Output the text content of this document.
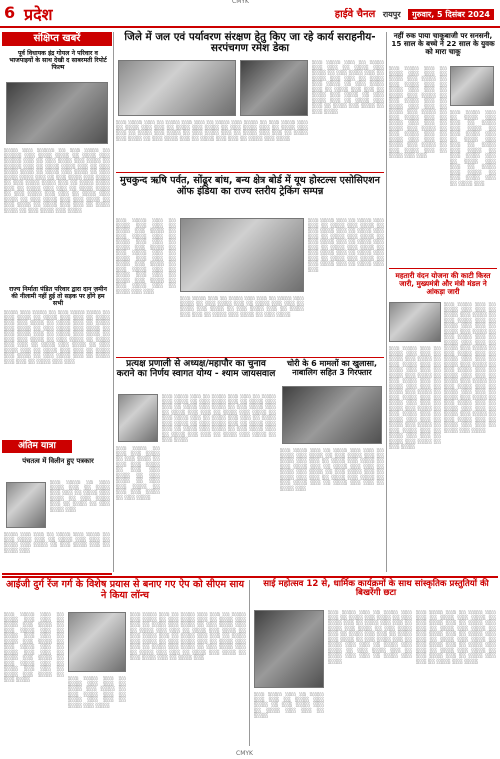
CMYK
6 प्रदेश	हाईवे चैनल रायपुर गुरुवार, 5 दिसंबर 2024
संक्षिप्त खबरें
पूर्व विधायक इंद्र गोयल ने परिवार व भाजपाइयों के साथ देखी द साबरमती रिपोर्ट फिल्म
░░░░ ░░░ ░░░░░ ░░ ░░░ ░░░░ ░░ ░░░░░ ░░░ ░░░░ ░░░░ ░░ ░░░░ ░░░ ░░░░░ ░░░ ░░ ░░░ ░░░░ ░░░ ░░░░ ░░ ░░░░░ ░░░ ░░ ░░░░ ░░░░ ░░░ ░░ ░░░ ░░░░ ░░░░ ░░ ░░░░ ░░░ ░░░░ ░░ ░░░ ░░░░ ░░░░ ░░░ ░░ ░░░ ░░░░ ░░░ ░░░░ ░░ ░░░ ░░░░ ░░░░ ░░░ ░░ ░░░░ ░░░░ ░░░ ░░ ░░░░ ░░░ ░░░ ░░ ░░░░ ░░░░ ░░ ░░░ ░░░░ ░░░ ░░░ ░░ ░░░░ ░░░ ░░░░ ░░ ░░░ ░░░░ ░░░ ░░░ ░░░░ ░░ ░░░ ░░░░ ░░ ░░░░ ░░░ ░░░ ░░ ░░░░ ░░░░ ░░ ░░░ ░░░░ ░░░ ░░░░
राज्य निर्माता पंडित परिवार द्वारा दान ज़मीन की नीलामी नहीं हुई तो सड़क पर होंगे हम सभी
░░░░ ░░░ ░░░░ ░░ ░░░ ░░░░ ░░░░ ░░ ░░░ ░░░░ ░░ ░░░░ ░░░ ░░░ ░░ ░░░░ ░░░ ░░░ ░░░░ ░░ ░░░░ ░░░ ░░ ░░░░ ░░░ ░░░░ ░░ ░░░ ░░░░ ░░░ ░░░░ ░░ ░░░ ░░░░ ░░░ ░░ ░░░░ ░░░ ░░░░ ░░ ░░░ ░░░ ░░░░ ░░ ░░░ ░░░░ ░░ ░░░░ ░░░ ░░░ ░░ ░░░░ ░░░ ░░░░ ░░ ░░░ ░░░░ ░░░ ░░ ░░░░ ░░░ ░░░ ░░ ░░░░ ░░░ ░░░░ ░░ ░░░ ░░░░ ░░░ ░░ ░░░░ ░░░ ░░░ ░░ ░░░░ ░░░ ░░░
अंतिम यात्रा
पंचतत्व में विलीन हुए पत्रकार
░░░ ░░░░ ░░ ░░░ ░░░░ ░░░ ░░ ░░░░ ░░░ ░░░ ░░ ░░░░ ░░░ ░░░░ ░░ ░░░ ░░░░ ░░░ ░░ ░░░░ ░░ ░░░ ░░░░ ░░░
░░░░ ░░░ ░░░ ░░ ░░░░ ░░░ ░░░░ ░░ ░░░ ░░░░ ░░░ ░░ ░░░░ ░░░ ░░░ ░░ ░░░░ ░░░ ░░░░ ░░ ░░░ ░░░░ ░░░ ░░ ░░░░ ░░░
जिले में जल एवं पर्यावरण संरक्षण हेतु किए जा रहे कार्य सराहनीय-सरपंचगण रमेश डेका
░░░ ░░░░ ░░░ ░░ ░░░░ ░░░ ░░░ ░░ ░░░░ ░░░ ░░░░ ░░ ░░░ ░░░░ ░░░ ░░ ░░░░ ░░░ ░░░ ░░ ░░░░ ░░░ ░░░░ ░░ ░░░ ░░░░ ░░░ ░░ ░░░░ ░░░ ░░░ ░░ ░░░░ ░░░ ░░░░ ░░ ░░░ ░░░░ ░░░ ░░ ░░░░ ░░░ ░░░ ░░ ░░░░ ░░░ ░░░░ ░░ ░░░ ░░░░
░░░ ░░░░ ░░░ ░░ ░░░░ ░░░ ░░░ ░░ ░░░░ ░░░ ░░░░ ░░ ░░░ ░░░░ ░░░ ░░ ░░░░ ░░░ ░░░ ░░ ░░░░ ░░░ ░░░░ ░░ ░░░ ░░░░ ░░░ ░░ ░░░░ ░░░ ░░░ ░░ ░░░░ ░░░ ░░░░ ░░ ░░░ ░░░░ ░░░ ░░ ░░░░ ░░░ ░░░ ░░ ░░░░ ░░░ ░░░░ ░░ ░░░ ░░░░ ░░░ ░░ ░░░░ ░░░ ░░░ ░░ ░░░░ ░░░ ░░░░
मुचकुन्द ऋषि पर्वत, सोंढूर बांध, बन्य क्षेत्र बोर्ड में यूथ होस्टल्स एसोसिएशन ऑफ इंडिया का राज्य स्तरीय ट्रेकिंग सम्पन्न
░░░ ░░░░ ░░░ ░░ ░░░░ ░░░ ░░░ ░░ ░░░░ ░░░ ░░░░ ░░ ░░░ ░░░░ ░░░ ░░ ░░░░ ░░░ ░░░ ░░ ░░░░ ░░░ ░░░░ ░░ ░░░ ░░░░ ░░░ ░░ ░░░░ ░░░ ░░░ ░░ ░░░░ ░░░ ░░░░ ░░ ░░░ ░░░░ ░░░ ░░ ░░░░ ░░░ ░░░ ░░ ░░░░ ░░░ ░░░░ ░░ ░░░ ░░░░ ░░░ ░░ ░░░░ ░░░ ░░░
░░░ ░░░░ ░░░ ░░ ░░░░ ░░░ ░░░ ░░ ░░░░ ░░░ ░░░░ ░░ ░░░ ░░░░ ░░░ ░░ ░░░░ ░░░ ░░░ ░░ ░░░░ ░░░ ░░░░ ░░ ░░░ ░░░░ ░░░ ░░ ░░░░ ░░░ ░░░ ░░ ░░░░ ░░░ ░░░░ ░░ ░░░ ░░░░
░░░ ░░░░ ░░░ ░░ ░░░░ ░░░ ░░░ ░░ ░░░░ ░░░ ░░░░ ░░ ░░░ ░░░░ ░░░ ░░ ░░░░ ░░░ ░░░ ░░ ░░░░ ░░░ ░░░░ ░░ ░░░ ░░░░ ░░░ ░░ ░░░░ ░░░ ░░░ ░░ ░░░░ ░░░ ░░░░ ░░ ░░░ ░░░░ ░░░ ░░ ░░░░ ░░░ ░░░ ░░ ░░░░ ░░░ ░░░░ ░░ ░░░ ░░░░ ░░░ ░░ ░░░░ ░░░ ░░░
प्रत्यक्ष प्रणाली से अध्यक्ष/महापौर का चुनाव कराने का निर्णय स्वागत योग्य - श्याम जायसवाल
░░░ ░░░░ ░░░ ░░ ░░░░ ░░░ ░░░ ░░ ░░░░ ░░░ ░░░░ ░░ ░░░ ░░░░ ░░░ ░░ ░░░░ ░░░ ░░░ ░░ ░░░░ ░░░ ░░░░ ░░ ░░░ ░░░░ ░░░ ░░ ░░░░ ░░░ ░░░ ░░ ░░░░ ░░░ ░░░░ ░░ ░░░ ░░░░ ░░░ ░░ ░░░░ ░░░ ░░░ ░░ ░░░░ ░░░ ░░░░ ░░ ░░░ ░░░░ ░░░ ░░ ░░░░ ░░░ ░░░ ░░ ░░░░ ░░░ ░░░░ ░░ ░░░ ░░░░ ░░░ ░░ ░░░░ ░░░ ░░░ ░░ ░░░░ ░░░ ░░░░ ░░ ░░░ ░░░░
░░░ ░░░░ ░░ ░░░ ░░░ ░░░░ ░░ ░░░ ░░░░ ░░ ░░░ ░░░ ░░░░ ░░ ░░░ ░░░ ░░░░ ░░ ░░░ ░░░░ ░░ ░░░ ░░░ ░░░░ ░░ ░░░ ░░░ ░░░░ ░░ ░░░ ░░░░
चोरी के 6 मामलों का खुलासा, नाबालिग सहित 3 गिरफ्तार
░░░ ░░░░ ░░░ ░░ ░░░░ ░░░ ░░░ ░░ ░░░░ ░░░ ░░░░ ░░ ░░░ ░░░░ ░░░ ░░ ░░░░ ░░░ ░░░ ░░ ░░░░ ░░░ ░░░░ ░░ ░░░ ░░░░ ░░░ ░░ ░░░░ ░░░ ░░░ ░░ ░░░░ ░░░ ░░░░ ░░ ░░░ ░░░░ ░░░ ░░ ░░░░ ░░░ ░░░ ░░ ░░░░ ░░░ ░░░░ ░░ ░░░ ░░░░ ░░░ ░░ ░░░░ ░░░ ░░░ ░░ ░░░░ ░░░
नहीं रुक पाया चाकूबाजी पर सनसनी, 15 साल के बच्चे ने 22 साल के युवक को मारा चाकू
░░░ ░░░░ ░░░ ░░ ░░░░ ░░░ ░░░ ░░ ░░░░ ░░░ ░░░░ ░░ ░░░ ░░░░ ░░░ ░░ ░░░░ ░░░ ░░░ ░░ ░░░░ ░░░ ░░░░ ░░ ░░░ ░░░░ ░░░ ░░ ░░░░ ░░░ ░░░ ░░ ░░░░ ░░░ ░░░░ ░░ ░░░ ░░░░ ░░░ ░░ ░░░░ ░░░ ░░░ ░░ ░░░░ ░░░ ░░░░ ░░ ░░░ ░░░░ ░░░ ░░ ░░░░ ░░░ ░░░ ░░ ░░░░ ░░░ ░░░░ ░░ ░░░ ░░░░ ░░░ ░░ ░░░░ ░░░ ░░░
░░░ ░░░░ ░░░ ░░ ░░░░ ░░░ ░░░ ░░ ░░░░ ░░░ ░░░░ ░░ ░░░ ░░░░ ░░░ ░░ ░░░░ ░░░ ░░░ ░░ ░░░░ ░░░ ░░░░ ░░ ░░░ ░░░░ ░░░ ░░ ░░░░ ░░░ ░░░ ░░ ░░░░ ░░░ ░░░░ ░░ ░░░ ░░░░ ░░░ ░░ ░░░░ ░░░
महतारी वंदन योजना की काटी किस्त जारी, मुख्यमंत्री और मंत्री मंडल ने आंकड़ा जारी
░░░ ░░░░ ░░░ ░░ ░░░░ ░░░ ░░░ ░░ ░░░░ ░░░ ░░░░ ░░ ░░░ ░░░░ ░░░ ░░ ░░░░ ░░░ ░░░ ░░ ░░░░ ░░░ ░░░░ ░░ ░░░ ░░░░ ░░░ ░░ ░░░░ ░░░ ░░░ ░░ ░░░░ ░░░ ░░░░ ░░ ░░░ ░░░░ ░░░ ░░ ░░░░ ░░░ ░░░ ░░ ░░░░ ░░░ ░░░░ ░░ ░░░ ░░░░ ░░░ ░░ ░░░░ ░░░ ░░░ ░░ ░░░░ ░░░ ░░░░ ░░ ░░░ ░░░░ ░░░ ░░ ░░░░ ░░░ ░░░ ░░ ░░░░ ░░░ ░░░░ ░░ ░░░ ░░░░ ░░░ ░░ ░░░░ ░░░ ░░░ ░░ ░░░░ ░░░ ░░░░ ░░ ░░░ ░░░░ ░░░ ░░ ░░░░ ░░░ ░░░ ░░ ░░░░ ░░░ ░░░░
░░░ ░░░░ ░░░ ░░ ░░░░ ░░░ ░░░ ░░ ░░░░ ░░░ ░░░░ ░░ ░░░ ░░░░ ░░░ ░░ ░░░░ ░░░ ░░░ ░░ ░░░░ ░░░ ░░░░ ░░ ░░░ ░░░░ ░░░ ░░ ░░░░ ░░░ ░░░ ░░ ░░░░ ░░░ ░░░░ ░░ ░░░ ░░░░ ░░░ ░░ ░░░░ ░░░ ░░░ ░░ ░░░░ ░░░ ░░░░ ░░ ░░░ ░░░░ ░░░ ░░ ░░░░ ░░░ ░░░ ░░ ░░░░ ░░░ ░░░░ ░░ ░░░ ░░░░ ░░░ ░░ ░░░░ ░░░ ░░░ ░░ ░░░░ ░░░ ░░░░ ░░ ░░░ ░░░░
आईजी दुर्ग रेंज गर्ग के विशेष प्रयास से बनाए गए ऐप को सीएम साय ने किया लॉन्च
░░░ ░░░░ ░░░ ░░ ░░░░ ░░░ ░░░ ░░ ░░░░ ░░░ ░░░░ ░░ ░░░ ░░░░ ░░░ ░░ ░░░░ ░░░ ░░░ ░░ ░░░░ ░░░ ░░░░ ░░ ░░░ ░░░░ ░░░ ░░ ░░░░ ░░░ ░░░ ░░ ░░░░ ░░░ ░░░░ ░░ ░░░ ░░░░ ░░░ ░░ ░░░░ ░░░ ░░░ ░░ ░░░░ ░░░ ░░░░ ░░ ░░░ ░░░░	░░░ ░░░░ ░░░ ░░ ░░░░ ░░░ ░░░ ░░ ░░░░ ░░░ ░░░░ ░░ ░░░ ░░░░ ░░░ ░░ ░░░░ ░░░ ░░░ ░░ ░░░░ ░░░ ░░░░
░░░ ░░░░ ░░░ ░░ ░░░░ ░░░ ░░░ ░░ ░░░░ ░░░ ░░░░ ░░ ░░░ ░░░░ ░░░ ░░ ░░░░ ░░░ ░░░ ░░ ░░░░ ░░░ ░░░░ ░░ ░░░ ░░░░ ░░░ ░░ ░░░░ ░░░ ░░░ ░░ ░░░░ ░░░ ░░░░ ░░ ░░░ ░░░░ ░░░ ░░ ░░░░ ░░░ ░░░ ░░ ░░░░ ░░░ ░░░░ ░░ ░░░ ░░░░ ░░░ ░░ ░░░░ ░░░ ░░░ ░░ ░░░░ ░░░ ░░░░ ░░ ░░░ ░░░░ ░░░ ░░ ░░░░ ░░░ ░░░ ░░ ░░░░ ░░░ ░░░░ ░░ ░░░ ░░░░ ░░░ ░░ ░░░░ ░░░
साई महोत्सव 12 से, धार्मिक कार्यक्रमों के साथ सांस्कृतिक प्रस्तुतियों की बिखरेंगी छटा
░░░ ░░░░ ░░░ ░░ ░░░░ ░░░ ░░░ ░░ ░░░░ ░░░ ░░░░ ░░ ░░░ ░░░░ ░░░ ░░ ░░░░ ░░░ ░░░ ░░ ░░░░ ░░░ ░░░░ ░░ ░░░ ░░░░ ░░░ ░░ ░░░░ ░░░ ░░░ ░░ ░░░░ ░░░ ░░░░ ░░ ░░░ ░░░░ ░░░ ░░ ░░░░ ░░░ ░░░ ░░ ░░░░ ░░░ ░░░░ ░░ ░░░ ░░░░ ░░░ ░░ ░░░░ ░░░ ░░░ ░░ ░░░░ ░░░ ░░░░
░░░ ░░░░ ░░░ ░░ ░░░░ ░░░ ░░░ ░░ ░░░░ ░░░ ░░░░ ░░ ░░░ ░░░░ ░░░ ░░ ░░░░ ░░░ ░░░ ░░ ░░░░ ░░░ ░░░░ ░░ ░░░ ░░░░ ░░░ ░░ ░░░░ ░░░ ░░░ ░░ ░░░░ ░░░ ░░░░ ░░ ░░░ ░░░░ ░░░ ░░ ░░░░ ░░░ ░░░ ░░ ░░░░ ░░░ ░░░░ ░░ ░░░ ░░░░ ░░░ ░░ ░░░░ ░░░ ░░░ ░░ ░░░░ ░░░ ░░░░
░░░ ░░░░ ░░░ ░░ ░░░░ ░░░ ░░░ ░░ ░░░░ ░░░ ░░░░ ░░ ░░░ ░░░░ ░░░ ░░ ░░░░ ░░░ ░░░ ░░ ░░░░
CMYK
